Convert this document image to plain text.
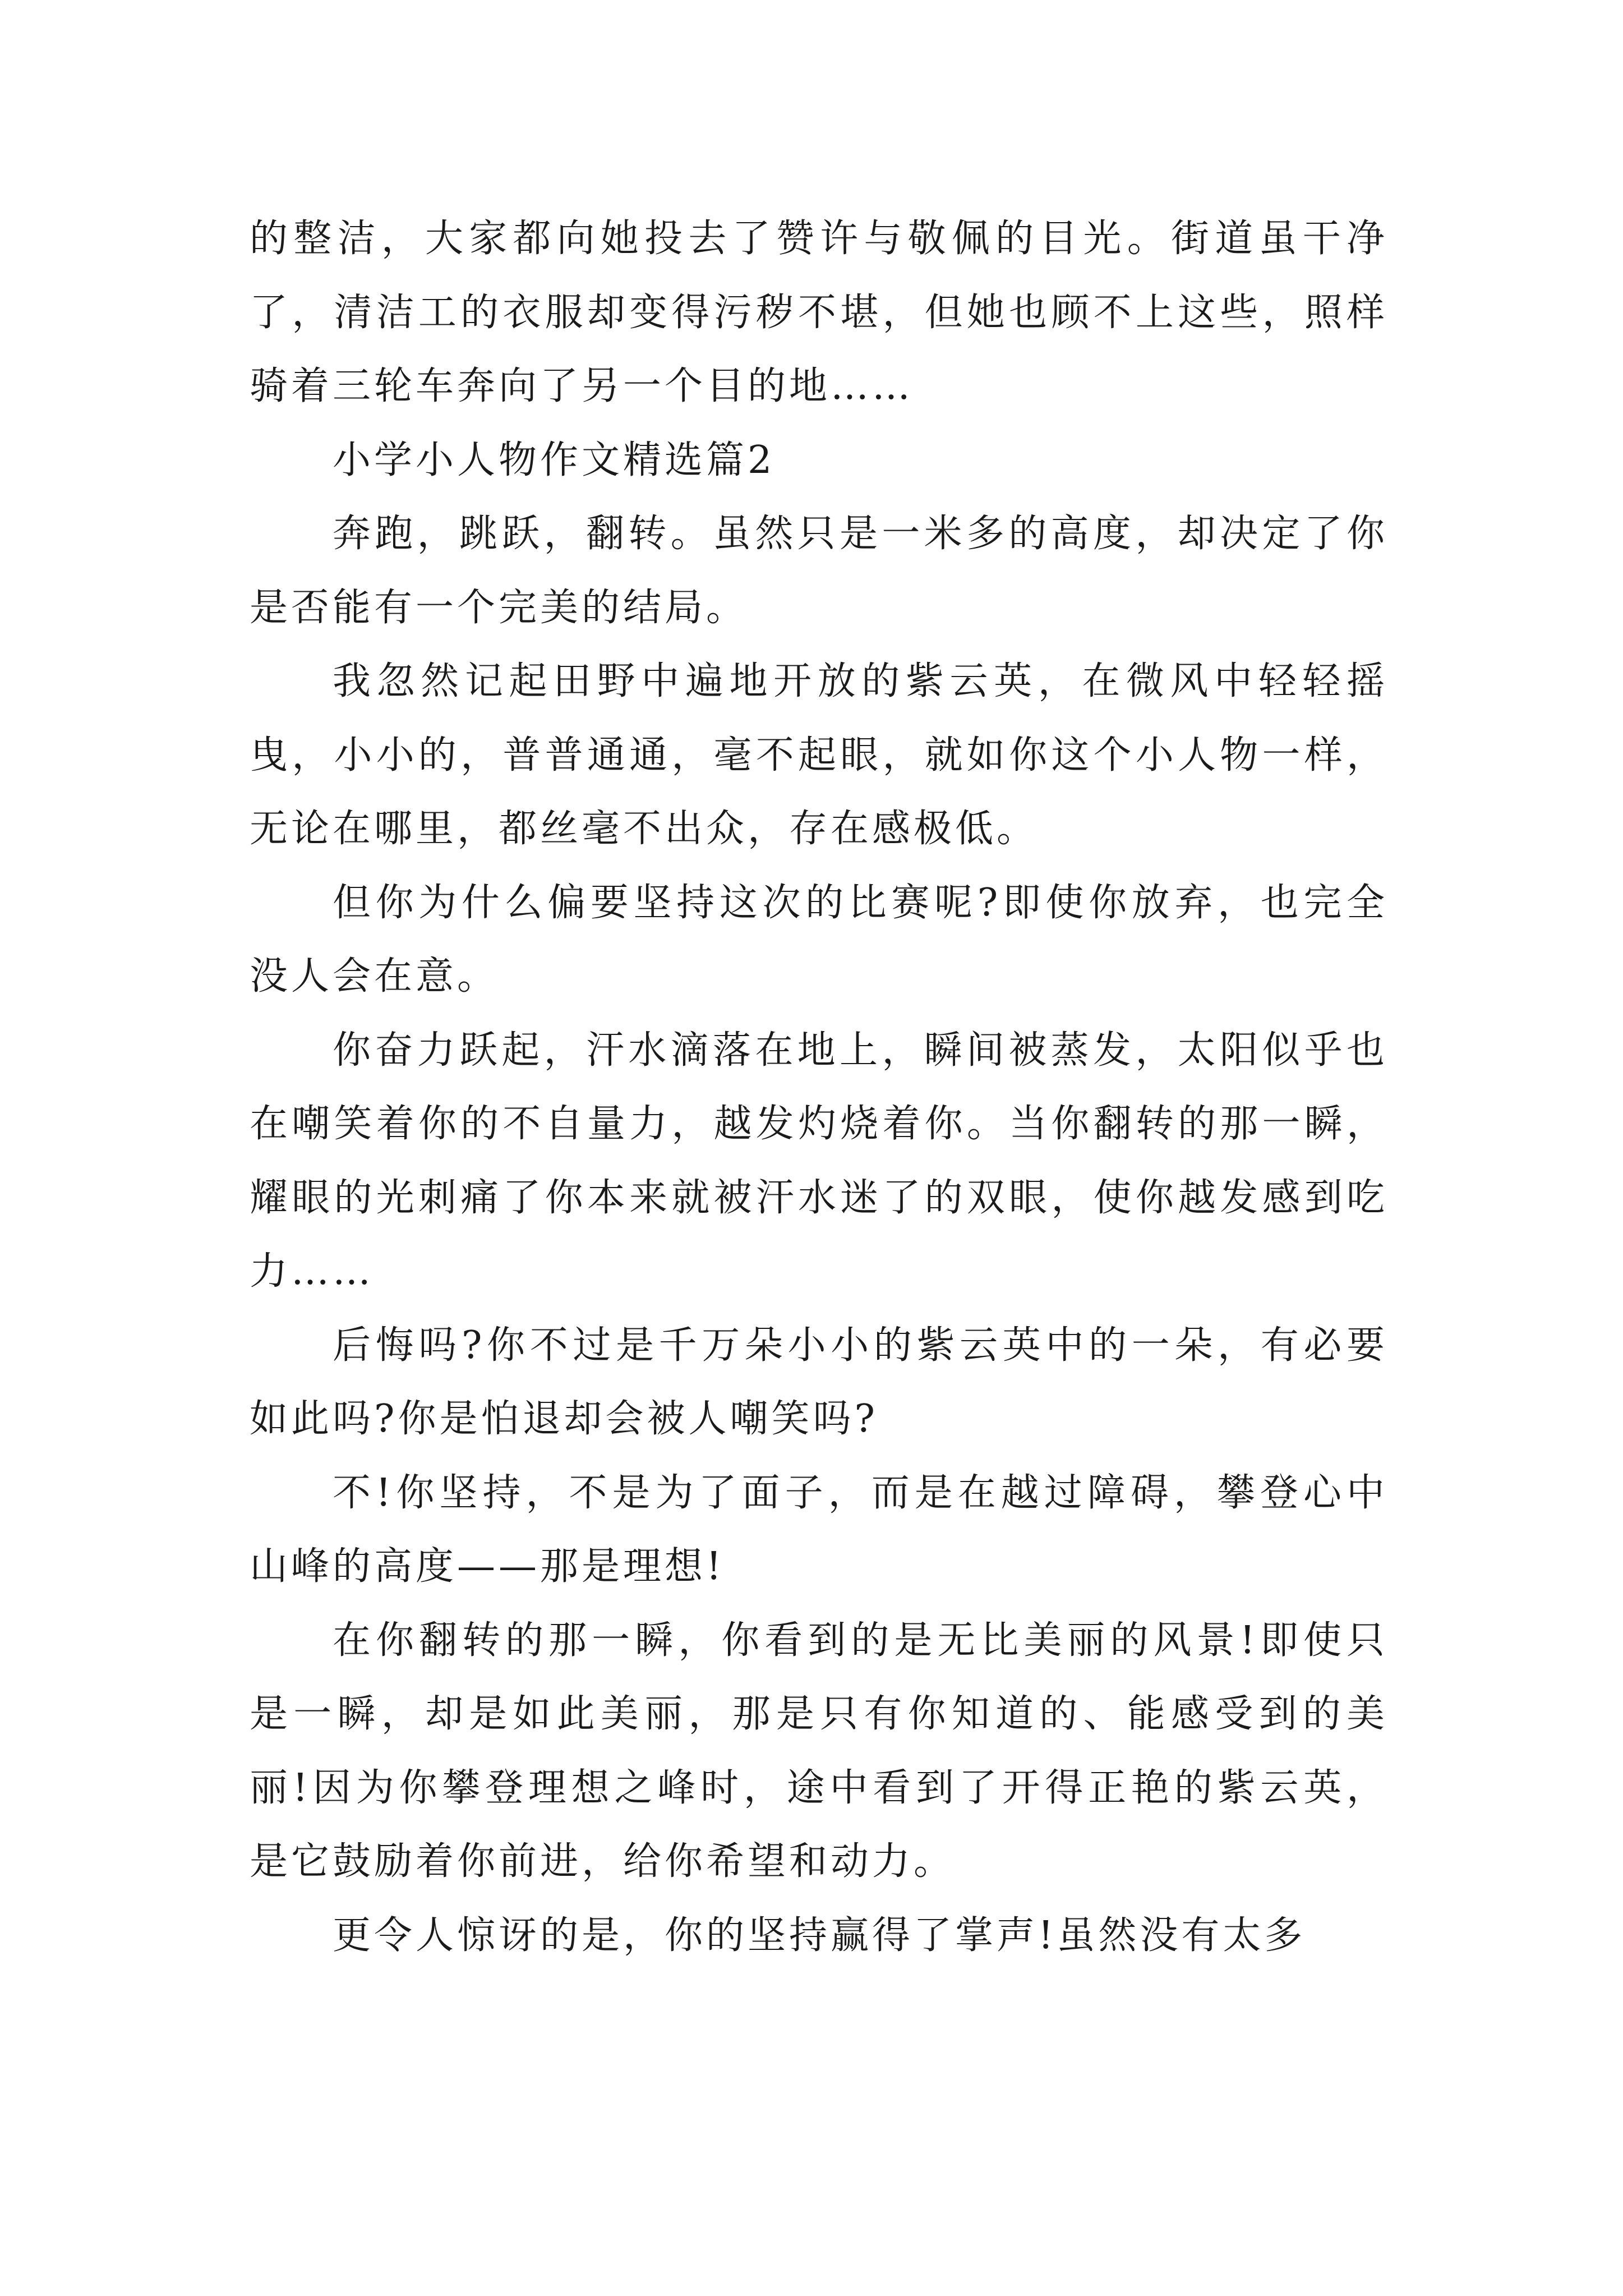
的整洁，大家都向她投去了赞许与敬佩的目光。街道虽干净了，清洁工的衣服却变得污秽不堪，但她也顾不上这些，照样骑着三轮车奔向了另一个目的地……

小学小人物作文精选篇2

奔跑，跳跃，翻转。虽然只是一米多的高度，却决定了你是否能有一个完美的结局。

我忽然记起田野中遍地开放的紫云英，在微风中轻轻摇曳，小小的，普普通通，毫不起眼，就如你这个小人物一样，无论在哪里，都丝毫不出众，存在感极低。

但你为什么偏要坚持这次的比赛呢?即使你放弃，也完全没人会在意。

你奋力跃起，汗水滴落在地上，瞬间被蒸发，太阳似乎也在嘲笑着你的不自量力，越发灼烧着你。当你翻转的那一瞬，耀眼的光刺痛了你本来就被汗水迷了的双眼，使你越发感到吃力……

后悔吗?你不过是千万朵小小的紫云英中的一朵，有必要如此吗?你是怕退却会被人嘲笑吗?

不!你坚持，不是为了面子，而是在越过障碍，攀登心中山峰的高度——那是理想!

在你翻转的那一瞬，你看到的是无比美丽的风景!即使只是一瞬，却是如此美丽，那是只有你知道的、能感受到的美丽!因为你攀登理想之峰时，途中看到了开得正艳的紫云英，是它鼓励着你前进，给你希望和动力。

更令人惊讶的是，你的坚持赢得了掌声!虽然没有太多
